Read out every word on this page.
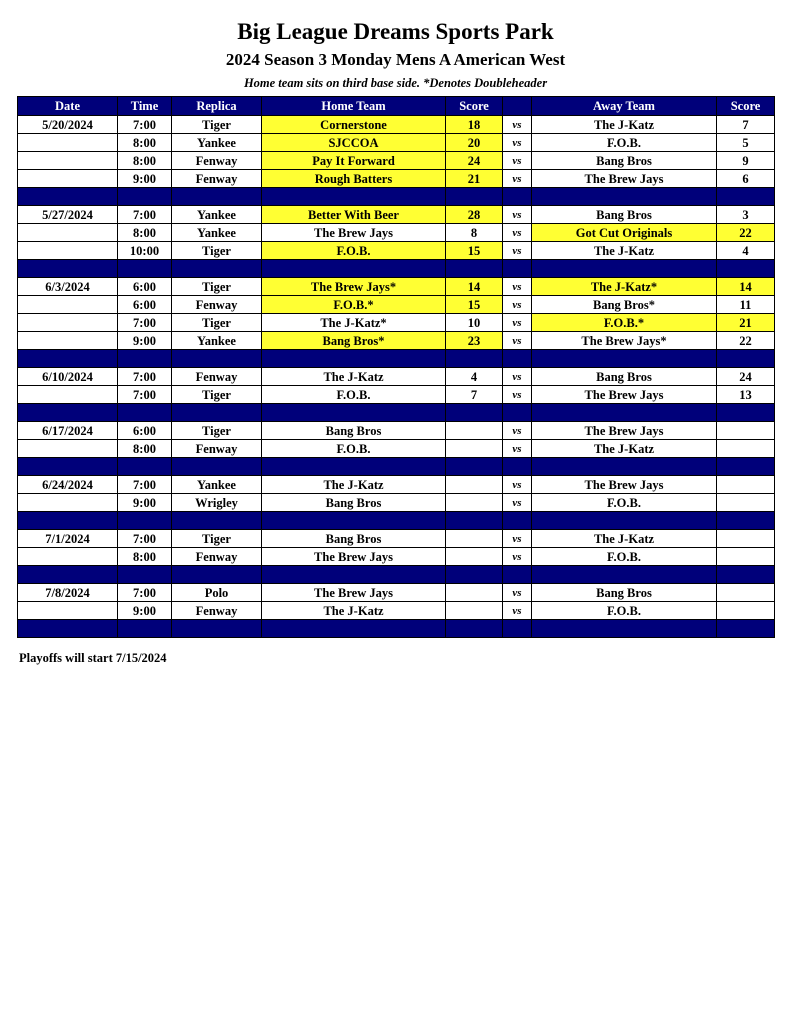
Big League Dreams Sports Park
2024 Season 3 Monday Mens A American West
Home team sits on third base side. *Denotes Doubleheader
Date	Time	Replica	Home Team	Score		Away Team	Score
5/20/2024	7:00	Tiger	Cornerstone	18	vs	The J-Katz	7
	8:00	Yankee	SJCCOA	20	vs	F.O.B.	5
	8:00	Fenway	Pay It Forward	24	vs	Bang Bros	9
	9:00	Fenway	Rough Batters	21	vs	The Brew Jays	6

5/27/2024	7:00	Yankee	Better With Beer	28	vs	Bang Bros	3
	8:00	Yankee	The Brew Jays	8	vs	Got Cut Originals	22
	10:00	Tiger	F.O.B.	15	vs	The J-Katz	4

6/3/2024	6:00	Tiger	The Brew Jays*	14	vs	The J-Katz*	14
	6:00	Fenway	F.O.B.*	15	vs	Bang Bros*	11
	7:00	Tiger	The J-Katz*	10	vs	F.O.B.*	21
	9:00	Yankee	Bang Bros*	23	vs	The Brew Jays*	22

6/10/2024	7:00	Fenway	The J-Katz	4	vs	Bang Bros	24
	7:00	Tiger	F.O.B.	7	vs	The Brew Jays	13

6/17/2024	6:00	Tiger	Bang Bros		vs	The Brew Jays	
	8:00	Fenway	F.O.B.		vs	The J-Katz	

6/24/2024	7:00	Yankee	The J-Katz		vs	The Brew Jays	
	9:00	Wrigley	Bang Bros		vs	F.O.B.	

7/1/2024	7:00	Tiger	Bang Bros		vs	The J-Katz	
	8:00	Fenway	The Brew Jays		vs	F.O.B.	

7/8/2024	7:00	Polo	The Brew Jays		vs	Bang Bros	
	9:00	Fenway	The J-Katz		vs	F.O.B.	

Playoffs will start 7/15/2024
